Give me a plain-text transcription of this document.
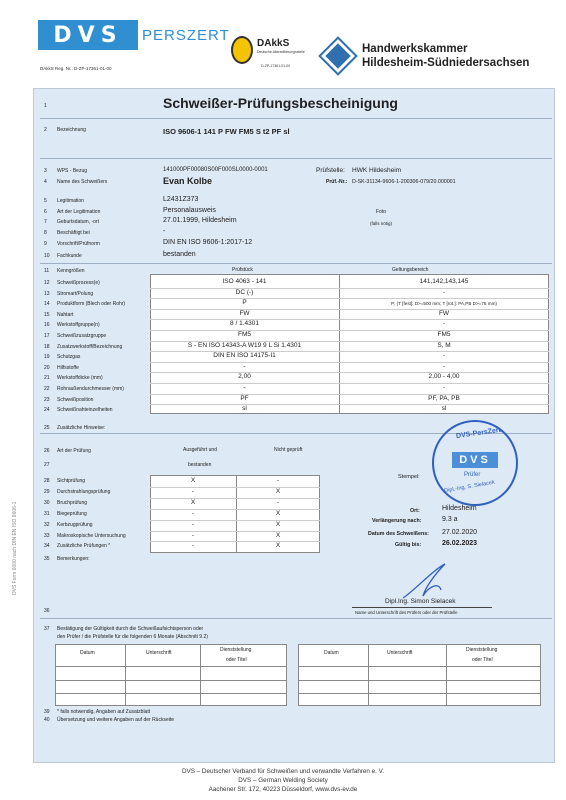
DVS	PERSZERT
DAkkS Reg. Nr.: D-ZP-17361-01-00
DAkkS
Deutsche Akkreditierungsstelle
D-ZP-17361-01-00
Handwerkskammer
Hildesheim-Südniedersachsen
1	Schweißer-Prüfungsbescheinigung
2 Bezeichnung	ISO 9606-1 141 P FW FM5 S t2 PF sl
3 WPS - Bezug	141000PF00080S00F000SL0000-0001	Prüfstelle: HWK Hildesheim
4 Name des Schweißers	Evan Kolbe	Prüf.-Nr.: D-SK-31134-9606-1-200306-079/20.000001
5 Legitimation	L2431Z373
6 Art der Legitimation	Personalausweis	Foto
7 Geburtsdatum, -ort	27.01.1999, Hildesheim	(falls nötig)
8 Beschäftigt bei	-
9 Vorschrift/Prüfnorm	DIN EN ISO 9606-1:2017-12
10 Fachkunde	bestanden
11 Kenngrößen	Prüfstück	Geltungsbereich
12 Schweißprozess(e)	ISO 4063 - 141	141,142,143,145
13 Stromart/Polung	DC (-)	-
14 Produktform (Blech oder Rohr)	P	P; (T [fest]: D>=500 mm; T [rot.]: PA,PB D>=75 mm)
15 Nahtart	FW	FW
16 Werkstoffgruppe(n)	8 / 1.4301	-
17 Schweißzusatzgruppe	FM5	FM5
18 Zusatzwerkstoff/Bezeichnung	S - EN ISO 14343-A W19 9 L Si 1.4301	S, M
19 Schutzgas	DIN EN ISO 14175-I1	-
20 Hilfsstoffe	-	-
21 Werkstoffdicke (mm)	2,00	2,00 - 4,00
22 Rohraußendurchmesser (mm)	-	-
23 Schweißposition	PF	PF, PA, PB
24 Schweißnahteinzelheiten	sl	sl
25 Zusätzliche Hinweise:
26
27
Art der Prüfung	Ausgeführt und
bestanden
Nicht geprüft
28 Sichtprüfung	X	-
29 Durchstrahlungsprüfung	-	X
30 Bruchprüfung	X	-
31 Biegeprüfung	-	X
32 Kerbzugprüfung	-	X
33 Makroskopische Untersuchung	-	X
34 Zusätzliche Prüfungen *	-	X
Stempel:
Ort:	Hildesheim
Verlängerung nach:	9.3 a
Datum des Schweißens: 27.02.2020
Gültig bis:	26.02.2023
DVS-PersZert
DVS
Prüfer
Dipl.-Ing. S. Sielacek
35 Bemerkungen:
Dipl.Ing. Simon Sielacek
Name und Unterschrift des Prüfers oder der Prüfstelle
36
37 Bestätigung der Gültigkeit durch die Schweißaufsichtsperson oder
den Prüfer / die Prüfstelle für die folgenden 6 Monate (Abschnitt 9.2)
Datum	Unterschrift	Dienststellung
oder Titel
Datum	Unterschrift	Dienststellung
oder Titel
39 * falls notwendig, Angaben auf Zusatzblatt
40 Übersetzung und weitere Angaben auf der Rückseite
DVS Form 6000 nach DIN EN ISO 9606-1
DVS – Deutscher Verband für Schweißen und verwandte Verfahren e. V.
DVS – German Welding Society
Aachener Str. 172, 40223 Düsseldorf, www.dvs-ev.de
